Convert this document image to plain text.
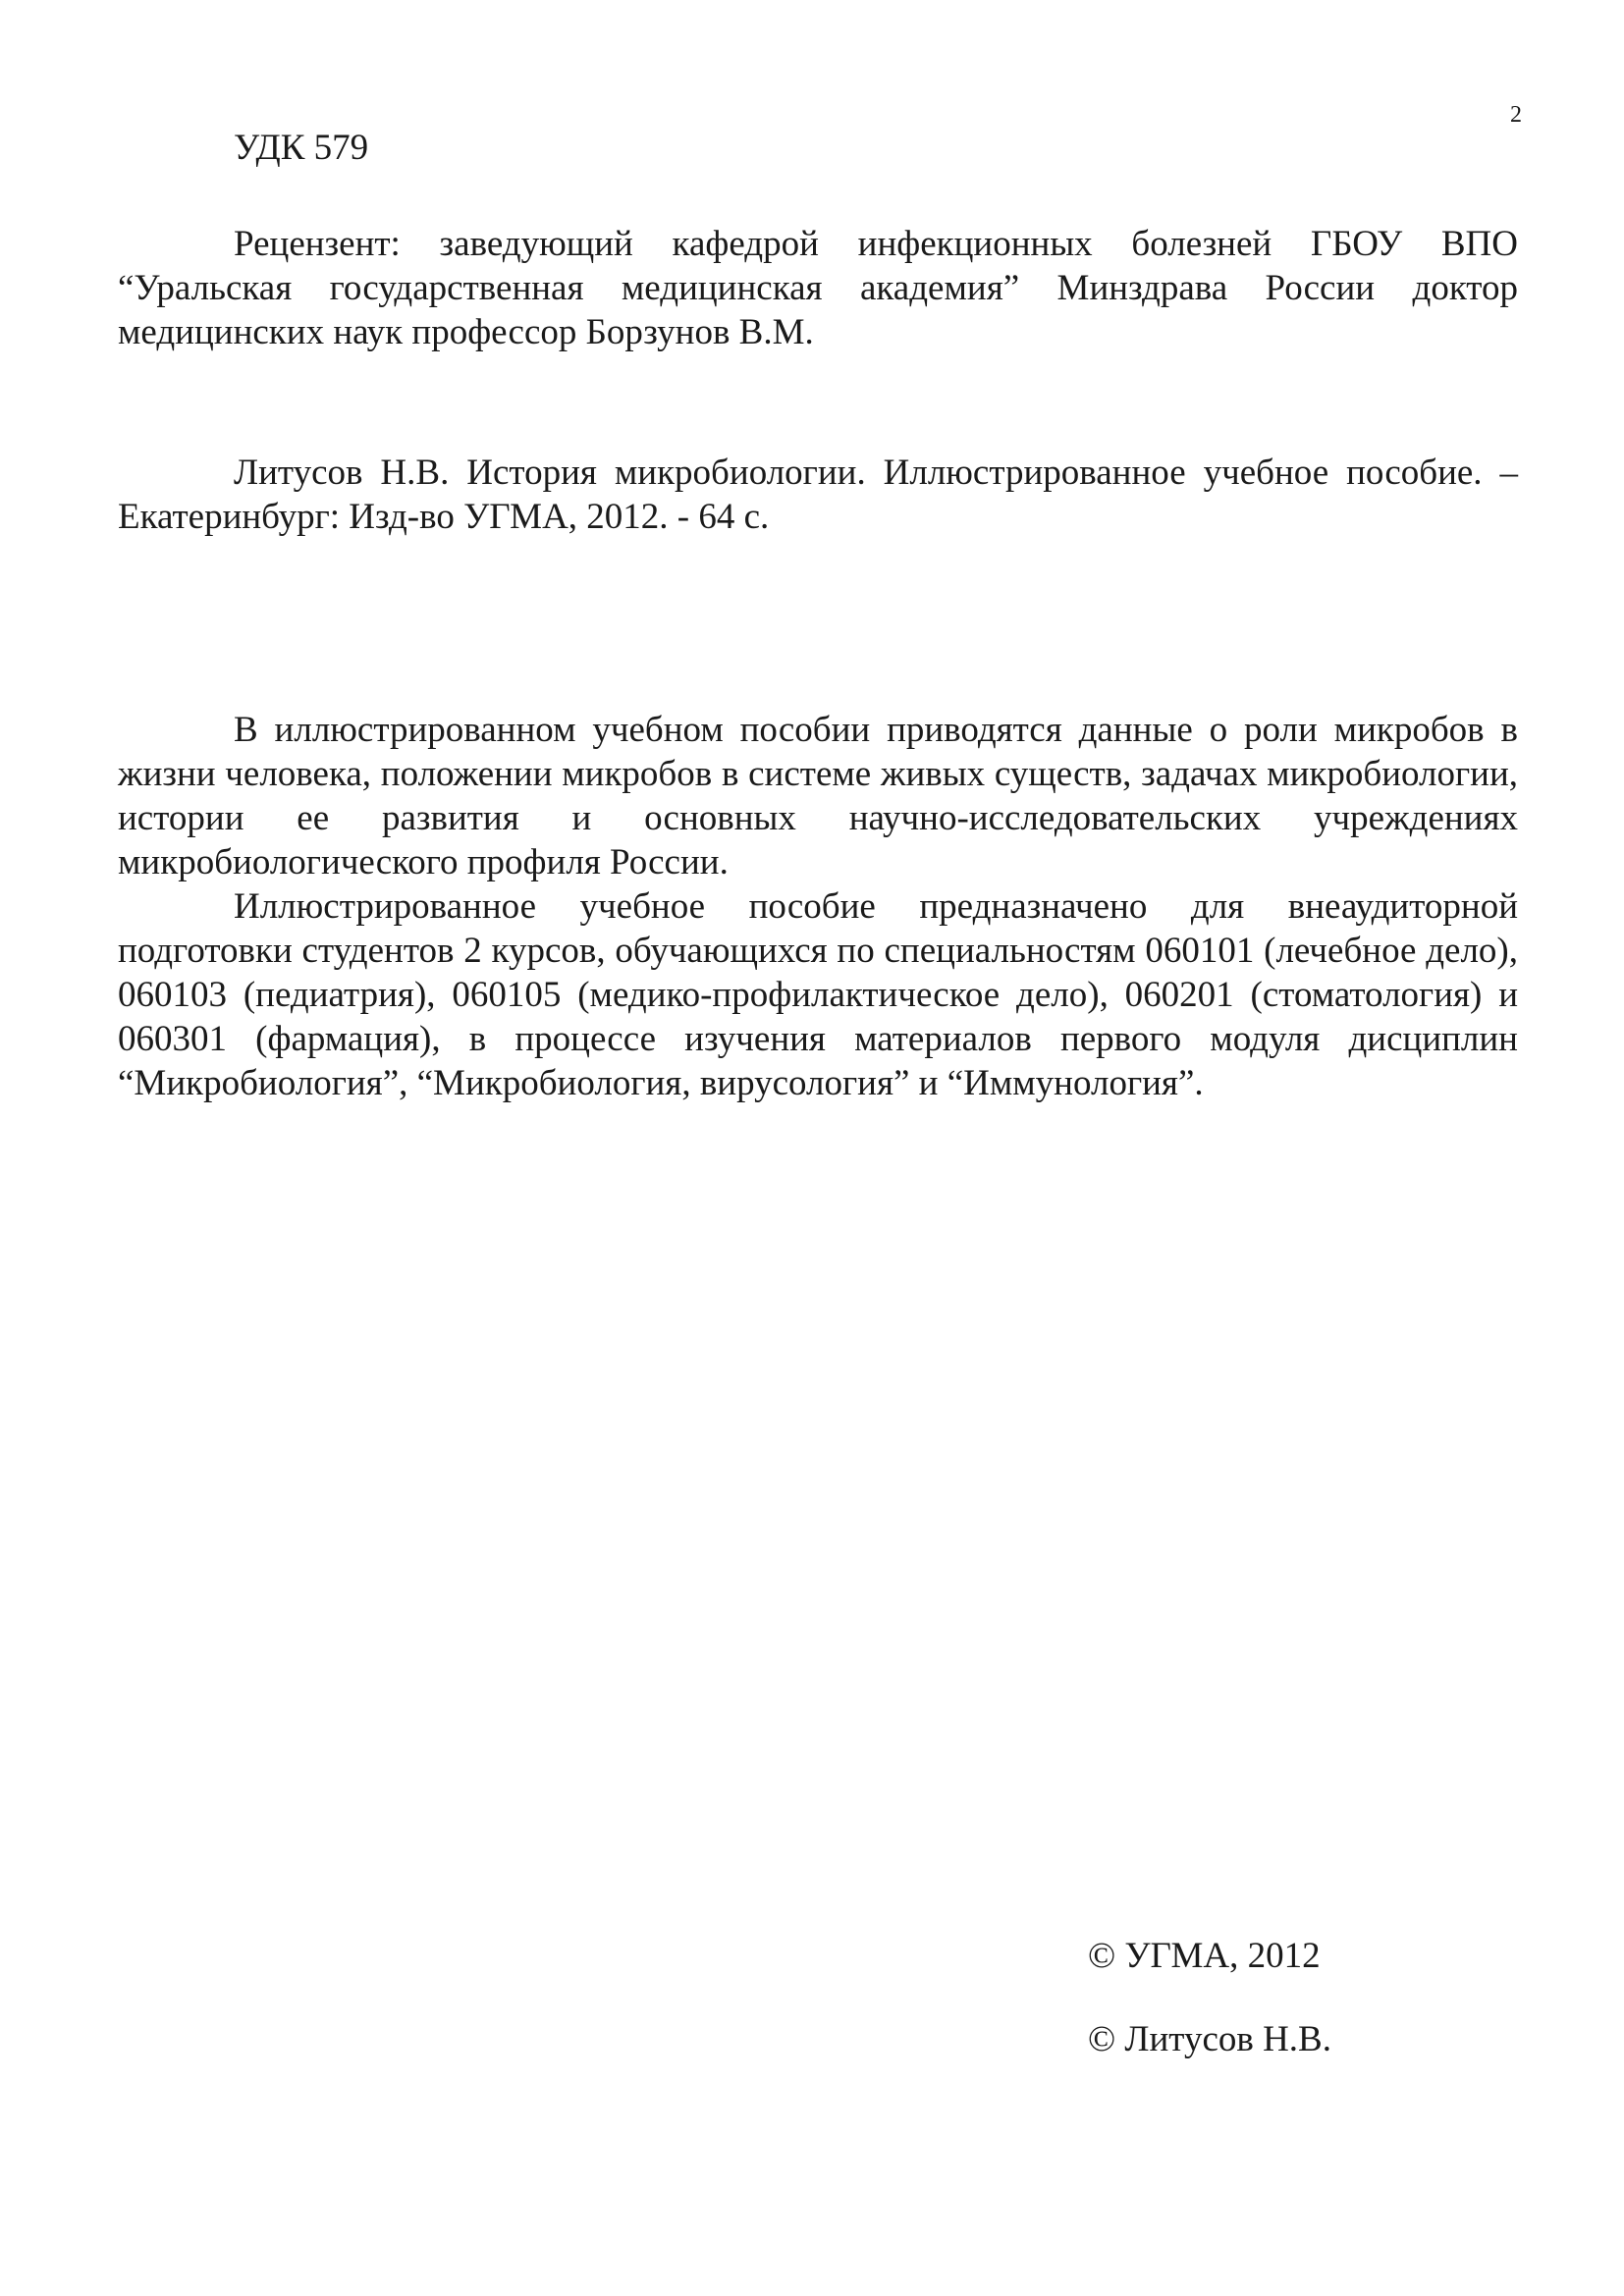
2

УДК 579

Рецензент: заведующий кафедрой инфекционных болезней ГБОУ ВПО “Уральская государственная медицинская академия” Минздрава России доктор медицинских наук профессор Борзунов В.М.

Литусов Н.В. История микробиологии. Иллюстрированное учебное пособие. – Екатеринбург: Изд-во УГМА, 2012. - 64 с.

В иллюстрированном учебном пособии приводятся данные о роли микробов в жизни человека, положении микробов в системе живых существ, задачах микробиологии, истории ее развития и основных научно-исследовательских учреждениях микробиологического профиля России.

Иллюстрированное учебное пособие предназначено для внеаудиторной подготовки студентов 2 курсов, обучающихся по специальностям 060101 (лечебное дело), 060103 (педиатрия), 060105 (медико-профилактическое дело), 060201 (стоматология) и 060301 (фармация), в процессе изучения материалов первого модуля дисциплин “Микробиология”, “Микробиология, вирусология” и “Иммунология”.

© УГМА, 2012

© Литусов Н.В.
